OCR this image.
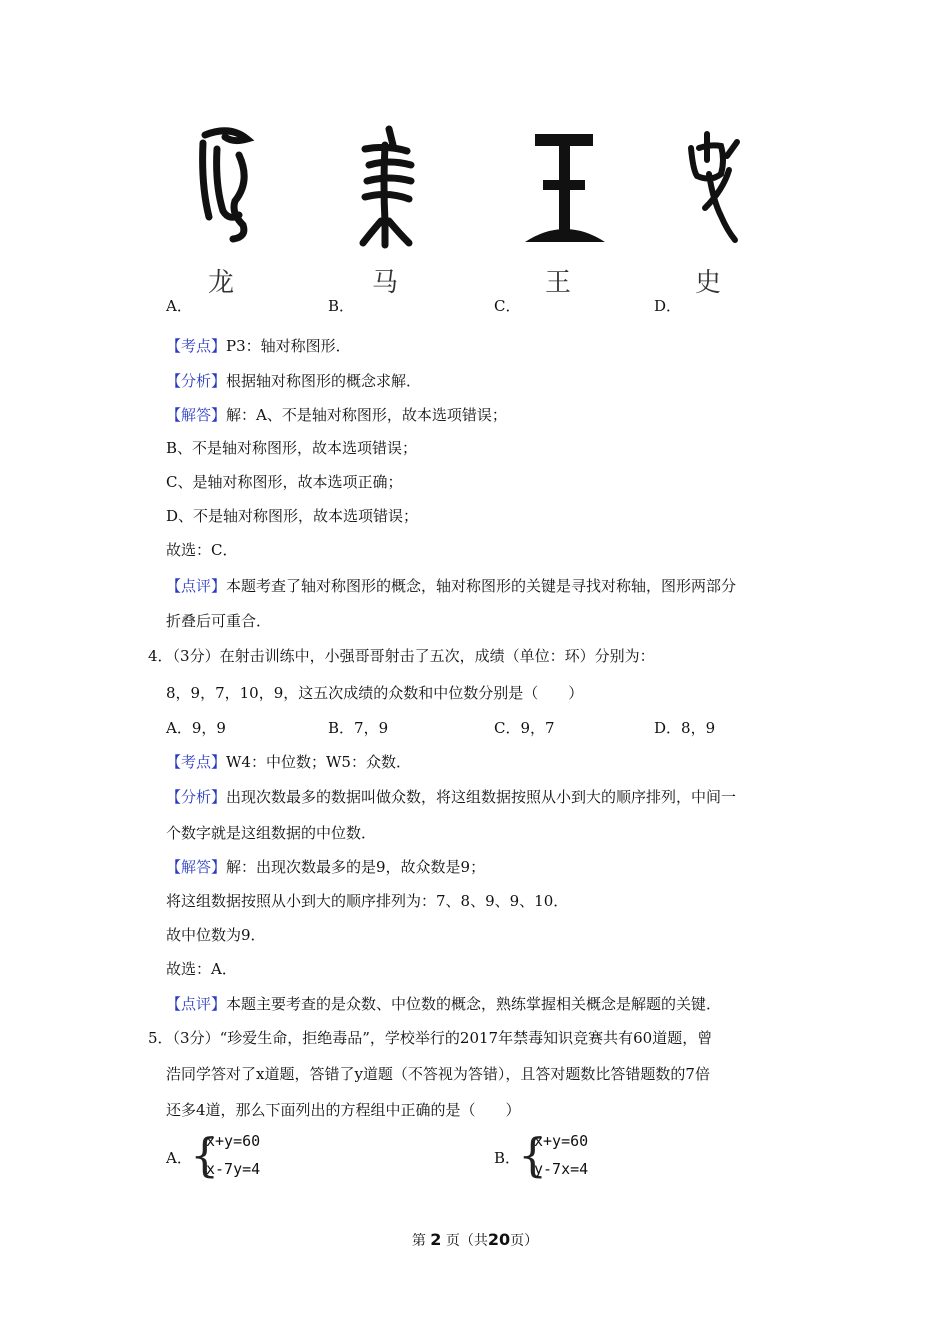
龙	马	王	史
A．	B．	C．	D．
【考点】P3：轴对称图形．
【分析】根据轴对称图形的概念求解．
【解答】解：A、不是轴对称图形，故本选项错误；
B、不是轴对称图形，故本选项错误；
C、是轴对称图形，故本选项正确；
D、不是轴对称图形，故本选项错误；
故选：C．
【点评】本题考查了轴对称图形的概念，轴对称图形的关键是寻找对称轴，图形两部分
折叠后可重合．
4．（3分）在射击训练中，小强哥哥射击了五次，成绩（单位：环）分别为：
8，9，7，10，9，这五次成绩的众数和中位数分别是（　　）
A．9，9	B．7，9	C．9，7	D．8，9
【考点】W4：中位数；W5：众数．
【分析】出现次数最多的数据叫做众数，将这组数据按照从小到大的顺序排列，中间一
个数字就是这组数据的中位数．
【解答】解：出现次数最多的是9，故众数是9；
将这组数据按照从小到大的顺序排列为：7、8、9、9、10．
故中位数为9．
故选：A．
【点评】本题主要考查的是众数、中位数的概念，熟练掌握相关概念是解题的关键．
5．（3分）“珍爱生命，拒绝毒品”，学校举行的2017年禁毒知识竞赛共有60道题，曾
浩同学答对了x道题，答错了y道题（不答视为答错），且答对题数比答错题数的7倍
还多4道，那么下面列出的方程组中正确的是（　　）
A．
{
x+y=60
x-7y=4
B．
{
x+y=60
y-7x=4
第 2 页（共20页）
